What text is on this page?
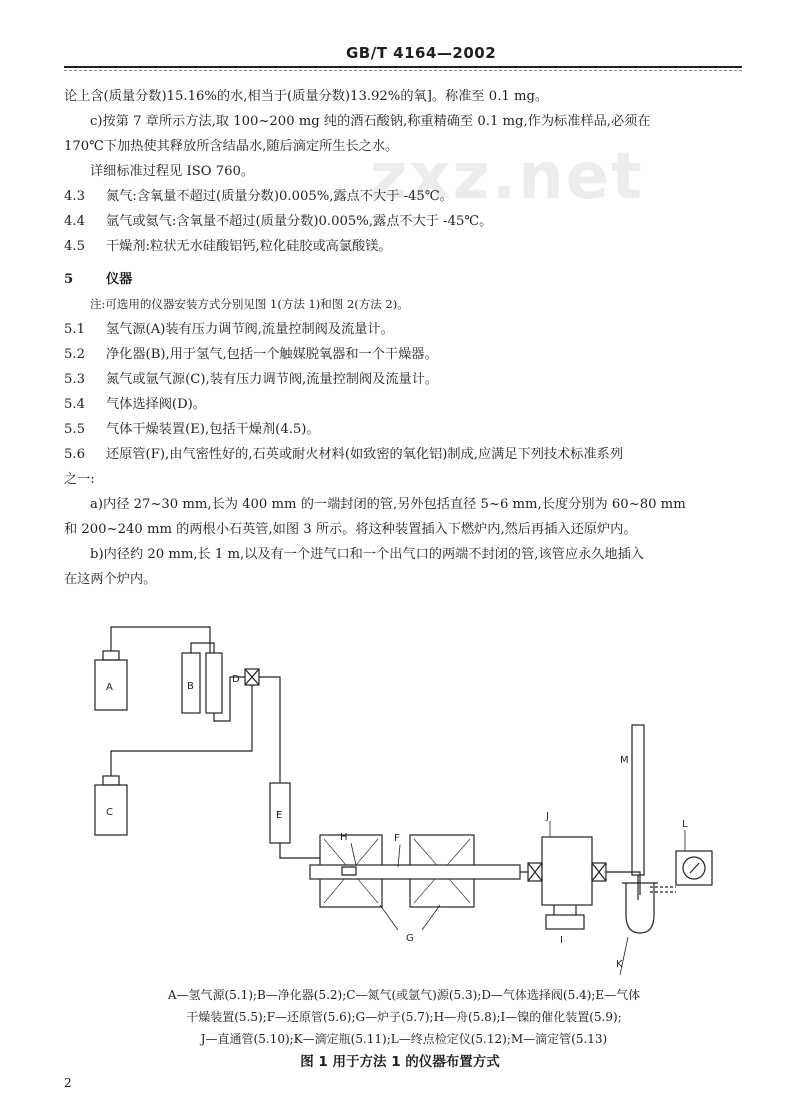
GB/T 4164—2002
zxz.net
论上含(质量分数)15.16%的水,相当于(质量分数)13.92%的氧]。称准至 0.1 mg。
c)按第 7 章所示方法,取 100~200 mg 纯的酒石酸钠,称重精确至 0.1 mg,作为标准样品,必须在
170℃下加热使其释放所含结晶水,随后滴定所生长之水。
详细标准过程见 ISO 760。
4.3 氮气:含氧量不超过(质量分数)0.005%,露点不大于 -45℃。
4.4 氩气或氦气:含氧量不超过(质量分数)0.005%,露点不大于 -45℃。
4.5 干燥剂:粒状无水硅酸铝钙,粒化硅胶或高氯酸镁。
5 仪器
注:可选用的仪器安装方式分别见图 1(方法 1)和图 2(方法 2)。
5.1 氢气源(A)装有压力调节阀,流量控制阀及流量计。
5.2 净化器(B),用于氢气,包括一个触媒脱氧器和一个干燥器。
5.3 氮气或氩气源(C),装有压力调节阀,流量控制阀及流量计。
5.4 气体选择阀(D)。
5.5 气体干燥装置(E),包括干燥剂(4.5)。
5.6 还原管(F),由气密性好的,石英或耐火材料(如致密的氧化铝)制成,应满足下列技术标准系列
之一:
a)内径 27~30 mm,长为 400 mm 的一端封闭的管,另外包括直径 5~6 mm,长度分别为 60~80 mm
和 200~240 mm 的两根小石英管,如图 3 所示。将这种装置插入下燃炉内,然后再插入还原炉内。
b)内径约 20 mm,长 1 m,以及有一个进气口和一个出气口的两端不封闭的管,该管应永久地插入
在这两个炉内。
A	B
D
C	E
H	F
G
J
I
K
M
L
A—氢气源(5.1);B—净化器(5.2);C—氮气(或氩气)源(5.3);D—气体选择阀(5.4);E—气体
干燥装置(5.5);F—还原管(5.6);G—炉子(5.7);H—舟(5.8);I—镍的催化装置(5.9);
J—直通管(5.10);K—滴定瓶(5.11);L—终点检定仪(5.12);M—滴定管(5.13)
图 1 用于方法 1 的仪器布置方式
2
